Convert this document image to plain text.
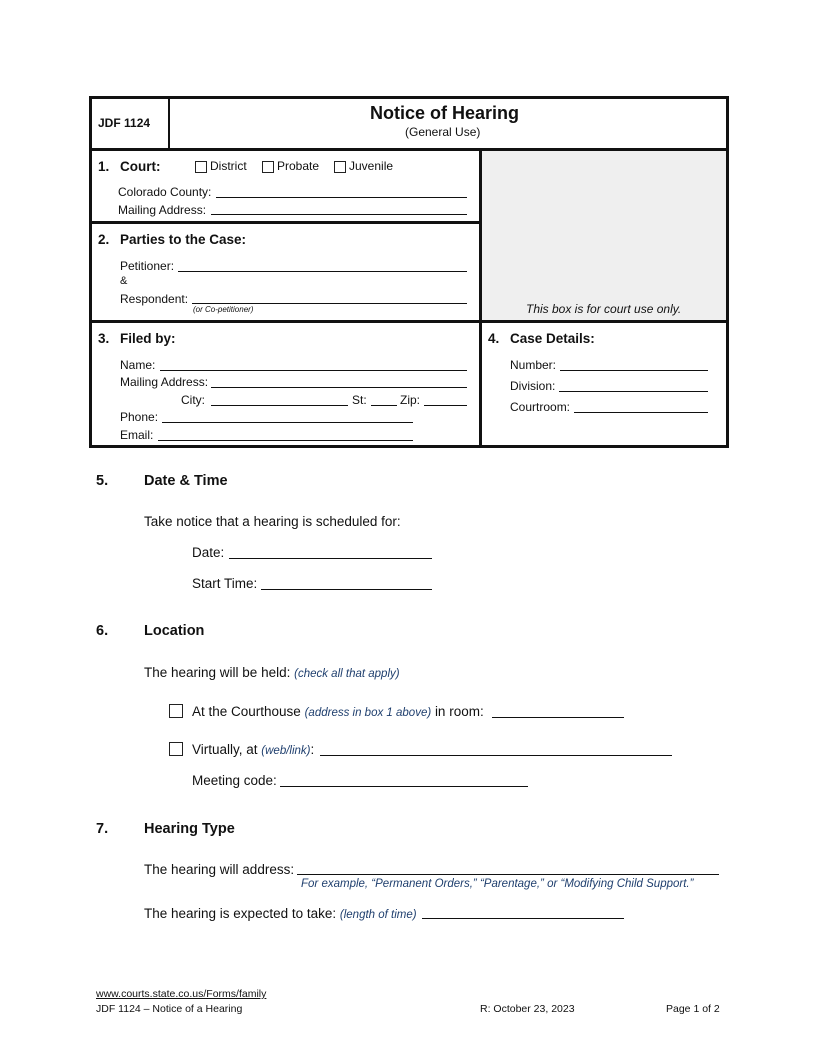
JDF 1124	Notice of Hearing
(General Use)
1. Court:	District	Probate Juvenile
Colorado County:
Mailing Address:
2. Parties to the Case:
Petitioner:
&
Respondent:
(or Co-petitioner)	This box is for court use only.
3. Filed by:
Name:
Mailing Address:
City:	St:	Zip:
Phone:
Email:
4. Case Details:
Number:
Division:
Courtroom:
5. Date & Time
Take notice that a hearing is scheduled for:
Date:
Start Time:
6. Location
The hearing will be held: (check all that apply)
At the Courthouse (address in box 1 above) in room:
Virtually, at (web/link):
Meeting code:
7. Hearing Type
The hearing will address:
For example, “Permanent Orders,” “Parentage,” or “Modifying Child Support.”
The hearing is expected to take: (length of time)
www.courts.state.co.us/Forms/family
JDF 1124 – Notice of a Hearing	R: October 23, 2023	Page 1 of 2
